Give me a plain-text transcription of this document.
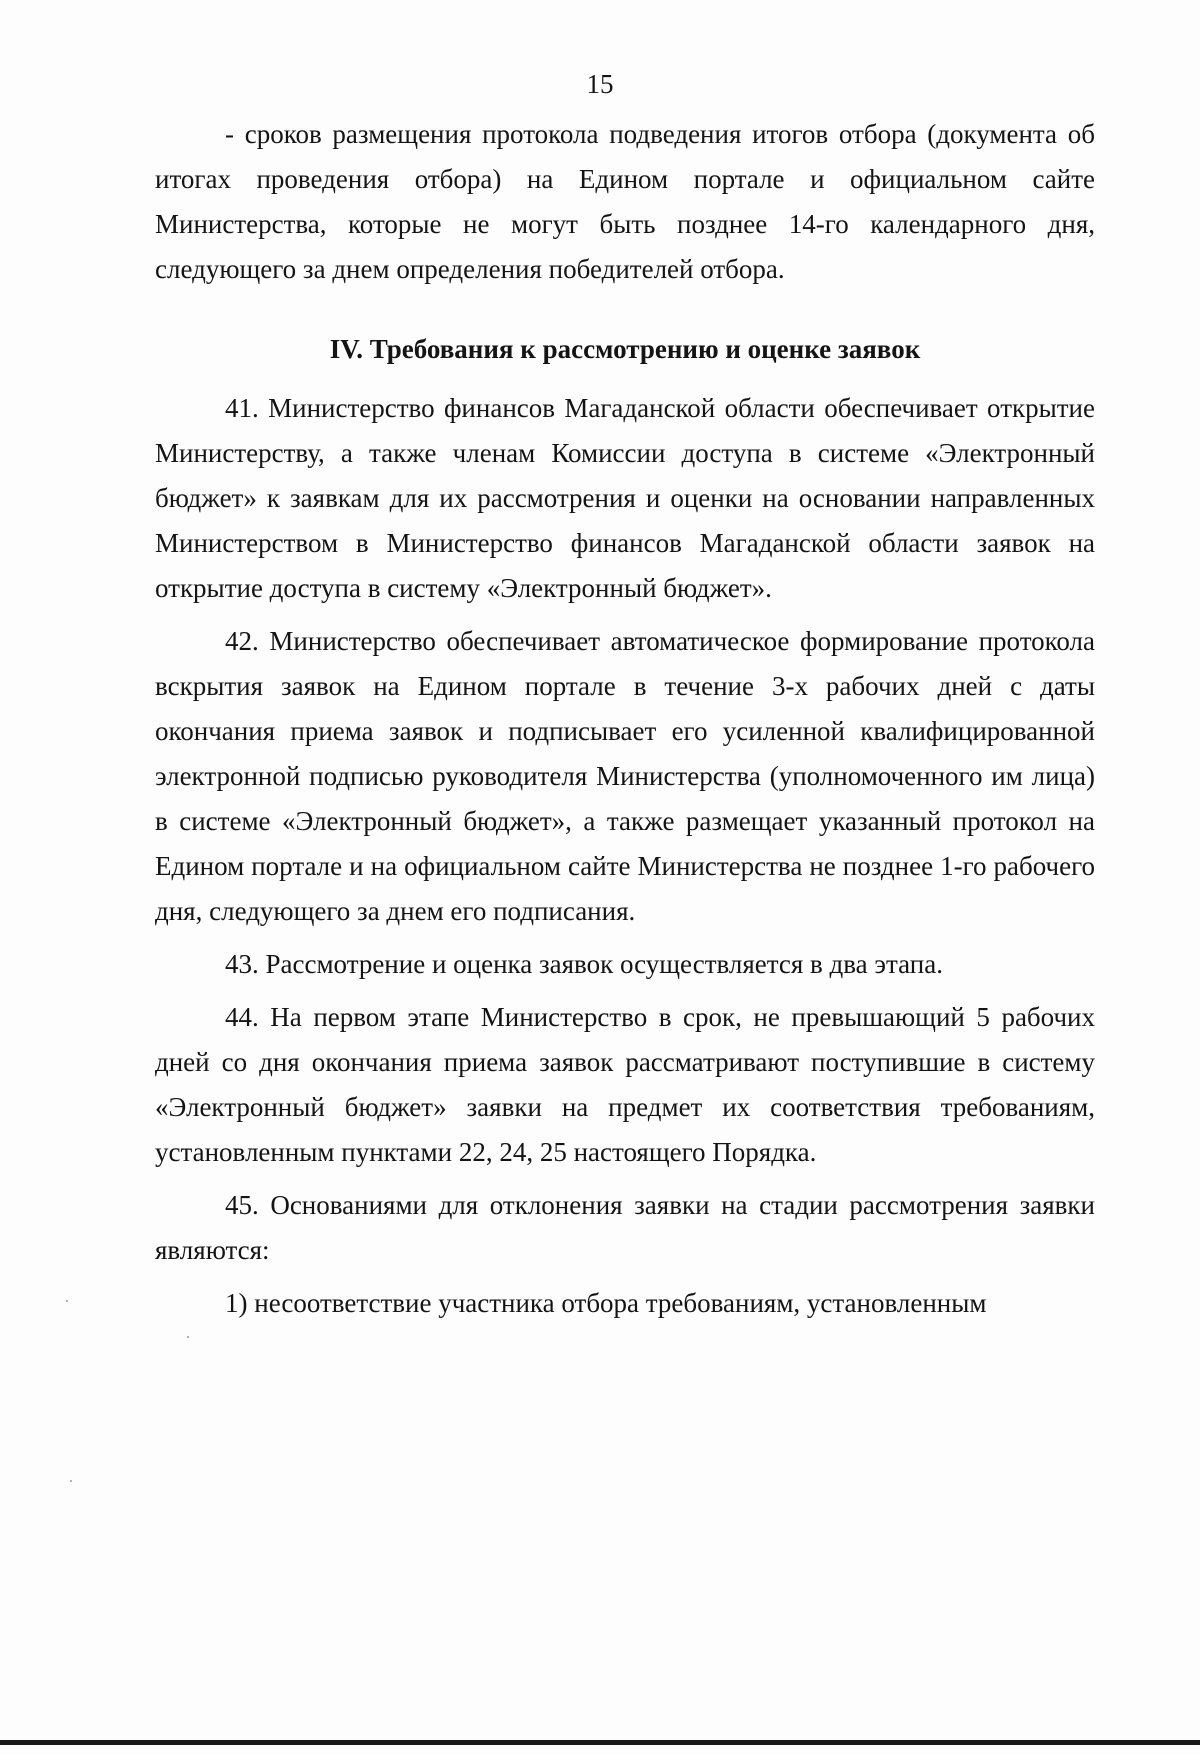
15

- сроков размещения протокола подведения итогов отбора (документа об итогах проведения отбора) на Едином портале и официальном сайте Министерства, которые не могут быть позднее 14-го календарного дня, следующего за днем определения победителей отбора.

IV. Требования к рассмотрению и оценке заявок

41. Министерство финансов Магаданской области обеспечивает открытие Министерству, а также членам Комиссии доступа в системе «Электронный бюджет» к заявкам для их рассмотрения и оценки на основании направленных Министерством в Министерство финансов Магаданской области заявок на открытие доступа в систему «Электронный бюджет».

42. Министерство обеспечивает автоматическое формирование протокола вскрытия заявок на Едином портале в течение 3-х рабочих дней с даты окончания приема заявок и подписывает его усиленной квалифицированной электронной подписью руководителя Министерства (уполномоченного им лица) в системе «Электронный бюджет», а также размещает указанный протокол на Едином портале и на официальном сайте Министерства не позднее 1-го рабочего дня, следующего за днем его подписания.

43. Рассмотрение и оценка заявок осуществляется в два этапа.

44. На первом этапе Министерство в срок, не превышающий 5 рабочих дней со дня окончания приема заявок рассматривают поступившие в систему «Электронный бюджет» заявки на предмет их соответствия требованиям, установленным пунктами 22, 24, 25 настоящего Порядка.

45. Основаниями для отклонения заявки на стадии рассмотрения заявки являются:

1) несоответствие участника отбора требованиям, установленным
